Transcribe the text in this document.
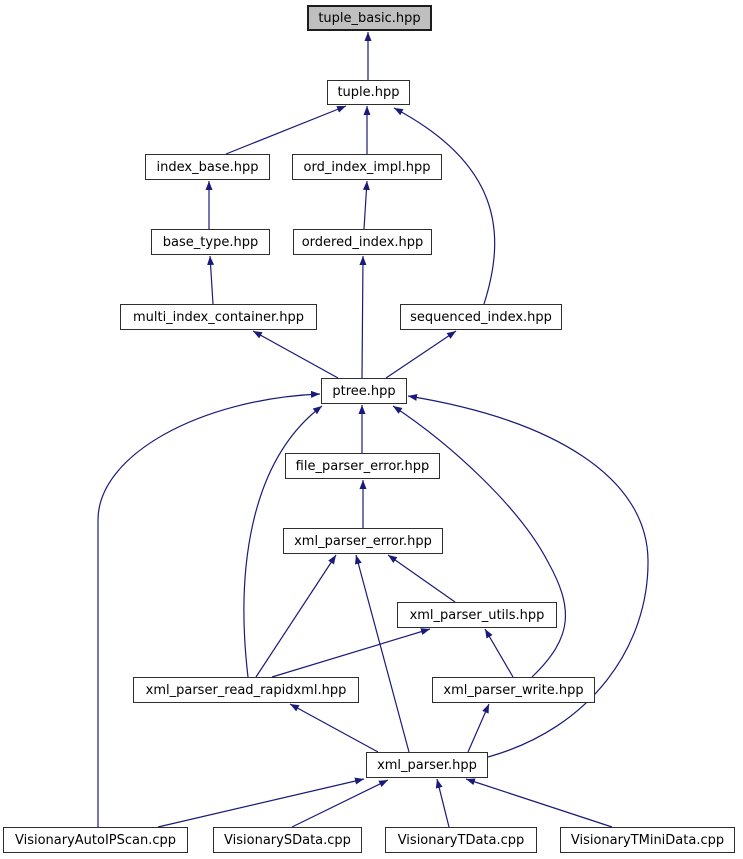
tuple_basic.hpp
tuple.hpp
index_base.hpp	ord_index_impl.hpp
base_type.hpp	ordered_index.hpp
multi_index_container.hpp	sequenced_index.hpp
ptree.hpp
file_parser_error.hpp
xml_parser_error.hpp
xml_parser_utils.hpp
xml_parser_read_rapidxml.hpp	xml_parser_write.hpp
xml_parser.hpp
VisionaryAutoIPScan.cpp	VisionarySData.cpp	VisionaryTData.cpp	VisionaryTMiniData.cpp
